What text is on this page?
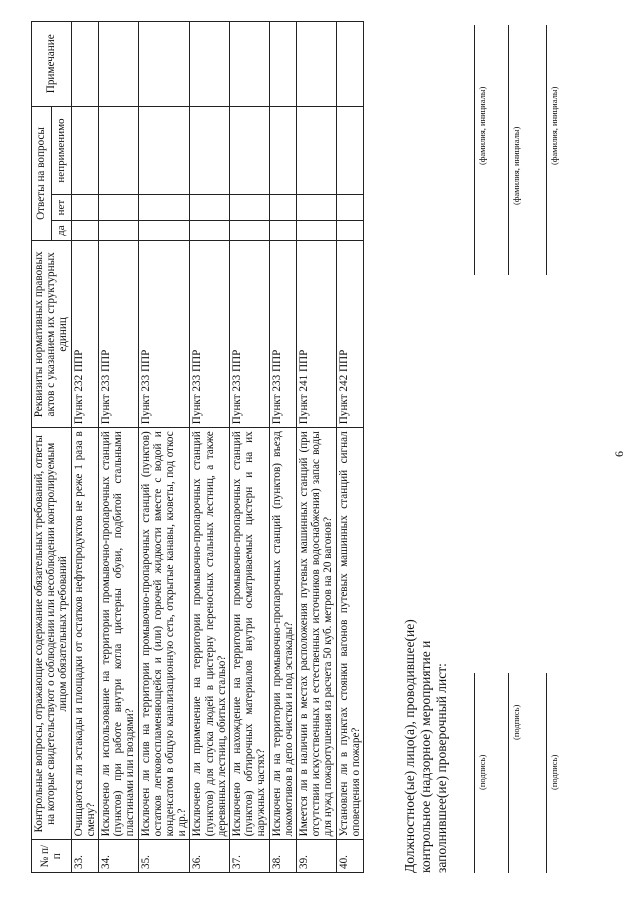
6
№ п/п	Контрольные вопросы, отражающие содержание обязательных требований, ответы на которые свидетельствуют о соблюдении или несоблюдении контролируемым лицом обязательных требований	Реквизиты нормативных правовых актов с указанием их структурных единиц	Ответы на вопросы			Примечание
			да	нет	неприменимо	
33.	Очищаются ли эстакады и площадки от остатков нефтепродуктов не реже 1 раза в смену?	Пункт 232 ППР				
34.	Исключено ли использование на территории промывочно-пропарочных станций (пунктов) при работе внутри котла цистерны обуви, подбитой стальными пластинами или гвоздями?	Пункт 233 ППР				
35.	Исключен ли слив на территории промывочно-пропарочных станций (пунктов) остатков легковоспламеняющейся и (или) горючей жидкости вместе с водой и конденсатом в общую канализационную сеть, открытые канавы, кюветы, под откос и др.?	Пункт 233 ППР				
36.	Исключено ли применение на территории промывочно-пропарочных станций (пунктов) для спуска людей в цистерну переносных стальных лестниц, а также деревянных лестниц, обитых сталью?	Пункт 233 ППР				
37.	Исключено ли нахождение на территории промывочно-пропарочных станций (пунктов) обтирочных материалов внутри осматриваемых цистерн и на их наружных частях?	Пункт 233 ППР				
38.	Исключен ли на территории промывочно-пропарочных станций (пунктов) въезд локомотивов в депо очистки и под эстакады?	Пункт 233 ППР				
39.	Имеется ли в наличии в местах расположения путевых машинных станций (при отсутствии искусственных и естественных источников водоснабжения) запас воды для нужд пожаротушения из расчета 50 куб. метров на 20 вагонов?	Пункт 241 ППР				
40.	Установлен ли в пунктах стоянки вагонов путевых машинных станций сигнал оповещения о пожаре?	Пункт 242 ППР				
Должностное(ые) лицо(а), проводившее(ие) контрольное (надзорное) мероприятие и заполнившее(ие) проверочный лист:	(подпись)
(подпись)
(подпись)
(фамилия, инициалы)
(фамилия, инициалы)
(фамилия, инициалы)
